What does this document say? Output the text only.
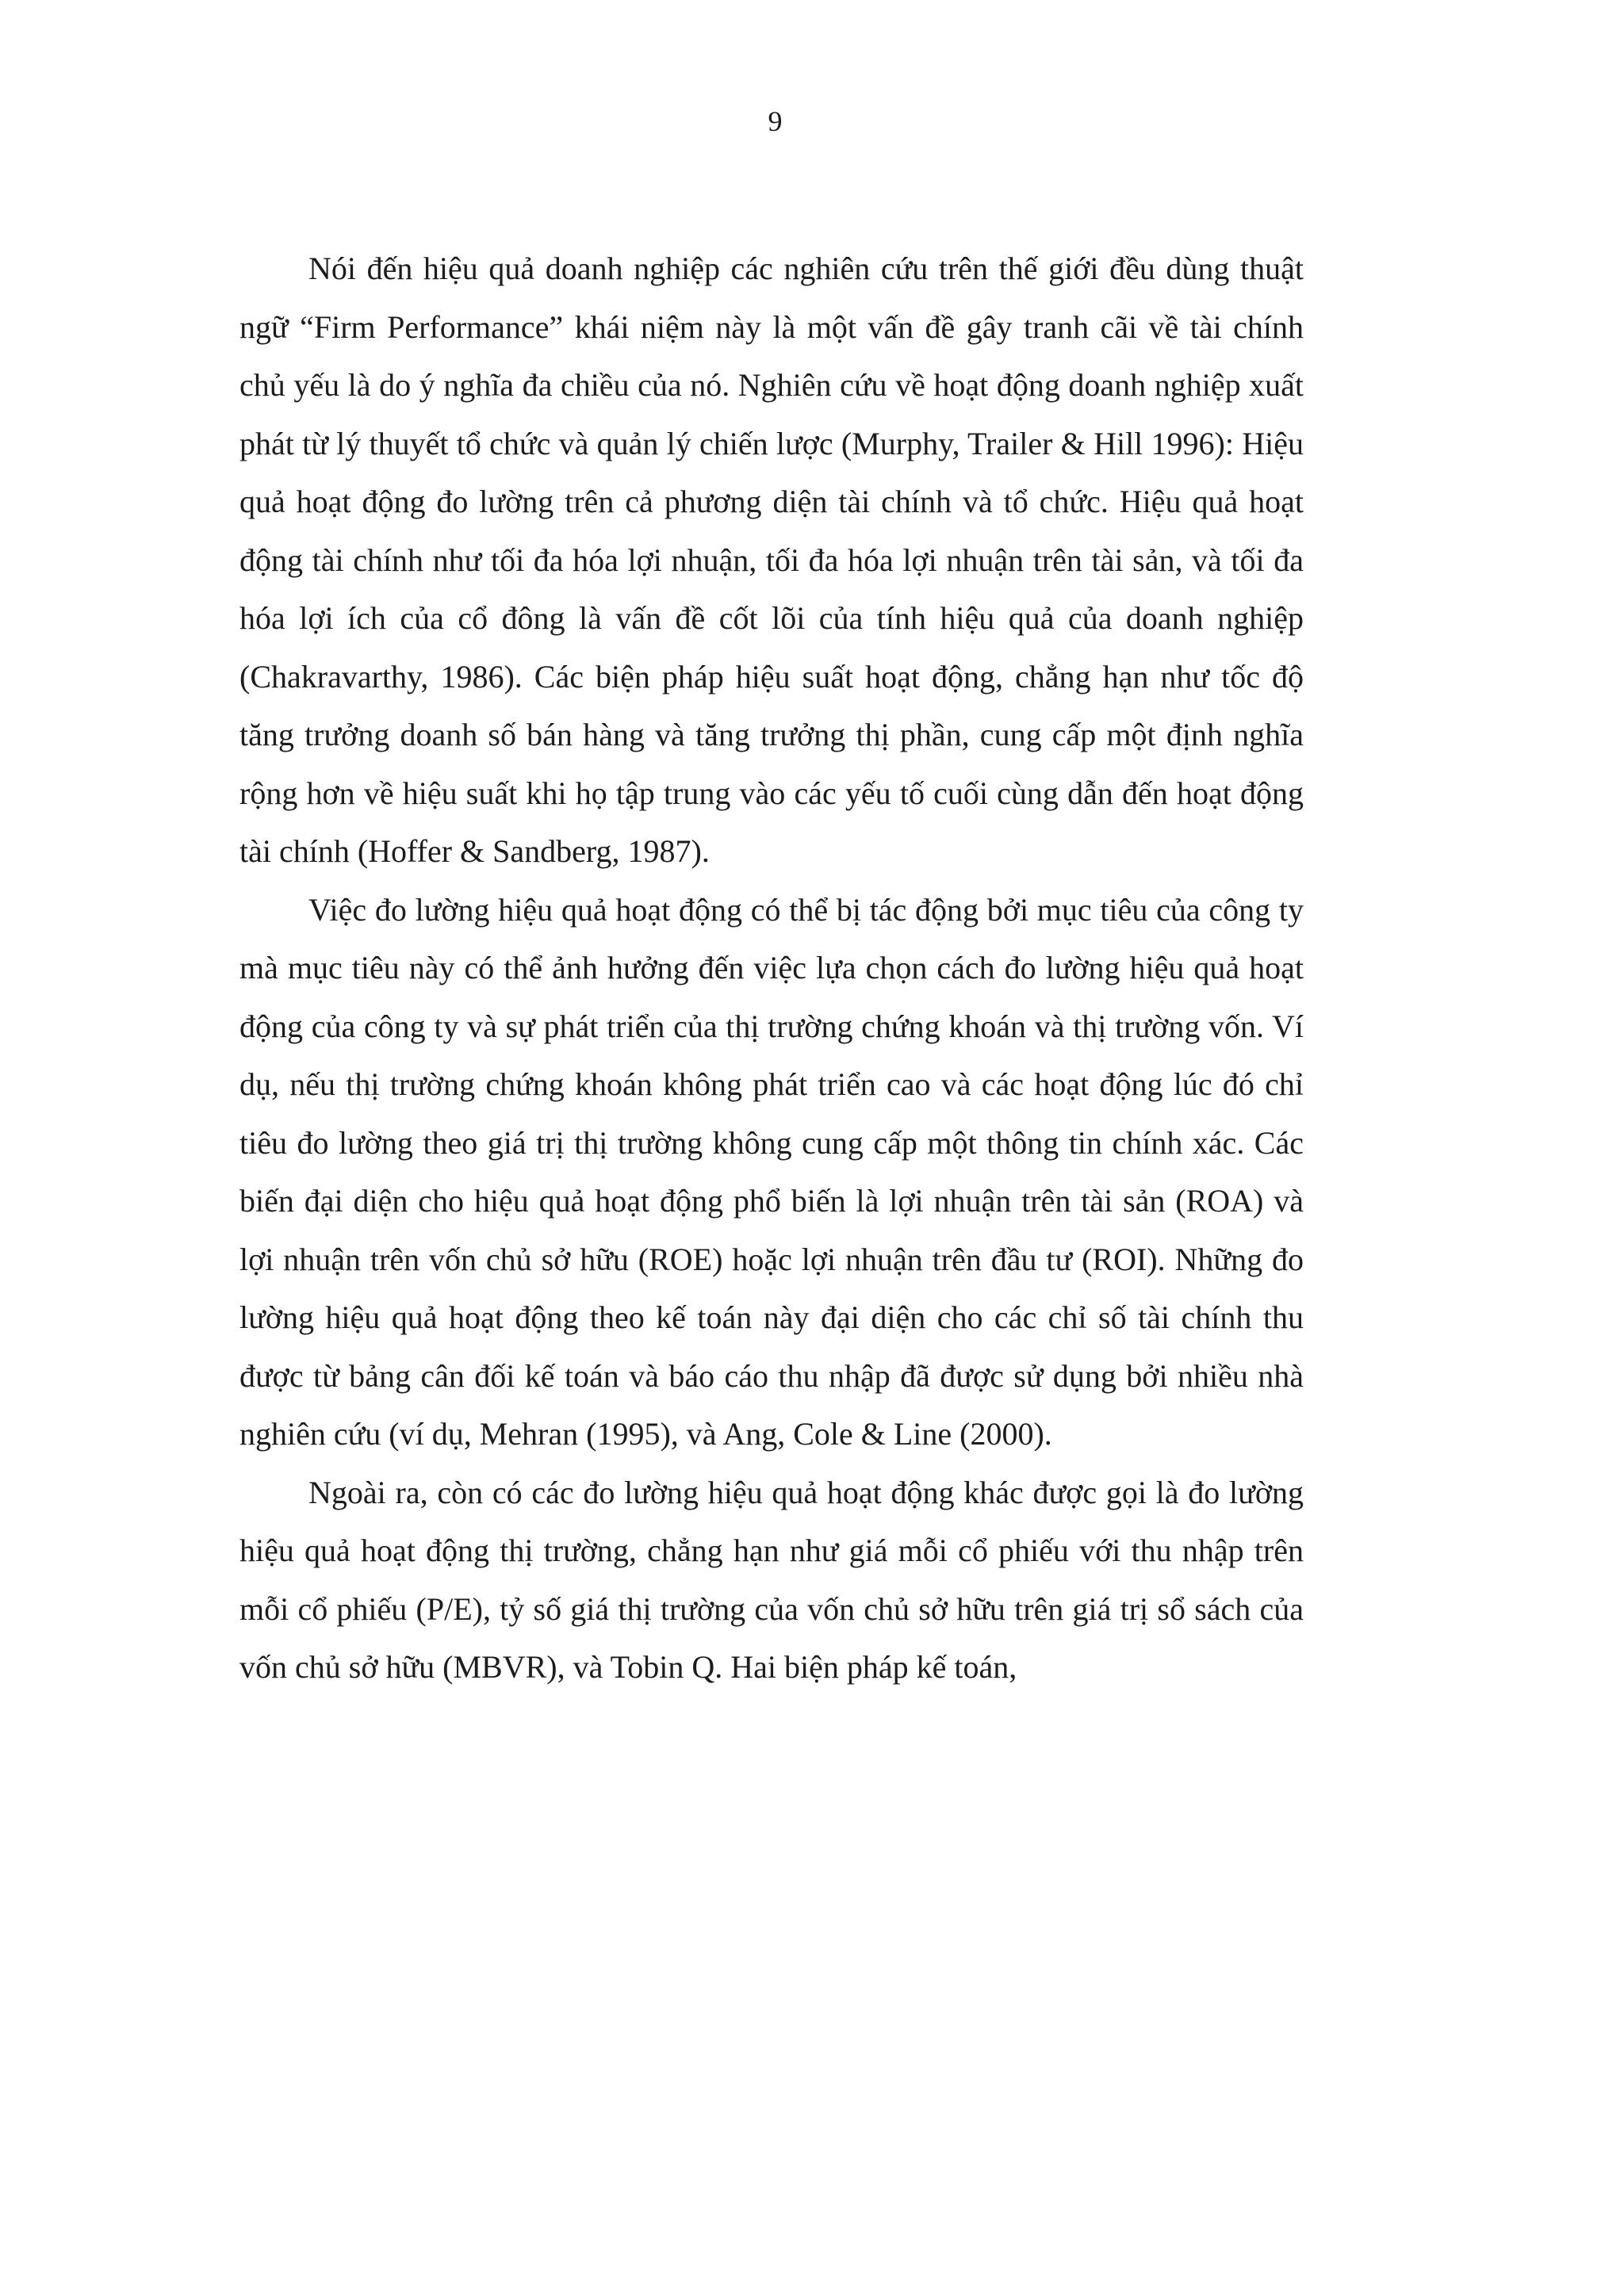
9

Nói đến hiệu quả doanh nghiệp các nghiên cứu trên thế giới đều dùng thuật ngữ “Firm Performance” khái niệm này là một vấn đề gây tranh cãi về tài chính chủ yếu là do ý nghĩa đa chiều của nó. Nghiên cứu về hoạt động doanh nghiệp xuất phát từ lý thuyết tổ chức và quản lý chiến lược (Murphy, Trailer & Hill 1996): Hiệu quả hoạt động đo lường trên cả phương diện tài chính và tổ chức. Hiệu quả hoạt động tài chính như tối đa hóa lợi nhuận, tối đa hóa lợi nhuận trên tài sản, và tối đa hóa lợi ích của cổ đông là vấn đề cốt lõi của tính hiệu quả của doanh nghiệp (Chakravarthy, 1986). Các biện pháp hiệu suất hoạt động, chẳng hạn như tốc độ tăng trưởng doanh số bán hàng và tăng trưởng thị phần, cung cấp một định nghĩa rộng hơn về hiệu suất khi họ tập trung vào các yếu tố cuối cùng dẫn đến hoạt động tài chính (Hoffer & Sandberg, 1987).

Việc đo lường hiệu quả hoạt động có thể bị tác động bởi mục tiêu của công ty mà mục tiêu này có thể ảnh hưởng đến việc lựa chọn cách đo lường hiệu quả hoạt động của công ty và sự phát triển của thị trường chứng khoán và thị trường vốn. Ví dụ, nếu thị trường chứng khoán không phát triển cao và các hoạt động lúc đó chỉ tiêu đo lường theo giá trị thị trường không cung cấp một thông tin chính xác. Các biến đại diện cho hiệu quả hoạt động phổ biến là lợi nhuận trên tài sản (ROA) và lợi nhuận trên vốn chủ sở hữu (ROE) hoặc lợi nhuận trên đầu tư (ROI). Những đo lường hiệu quả hoạt động theo kế toán này đại diện cho các chỉ số tài chính thu được từ bảng cân đối kế toán và báo cáo thu nhập đã được sử dụng bởi nhiều nhà nghiên cứu (ví dụ, Mehran (1995), và Ang, Cole & Line (2000).

Ngoài ra, còn có các đo lường hiệu quả hoạt động khác được gọi là đo lường hiệu quả hoạt động thị trường, chẳng hạn như giá mỗi cổ phiếu với thu nhập trên mỗi cổ phiếu (P/E), tỷ số giá thị trường của vốn chủ sở hữu trên giá trị sổ sách của vốn chủ sở hữu (MBVR), và Tobin Q. Hai biện pháp kế toán,
